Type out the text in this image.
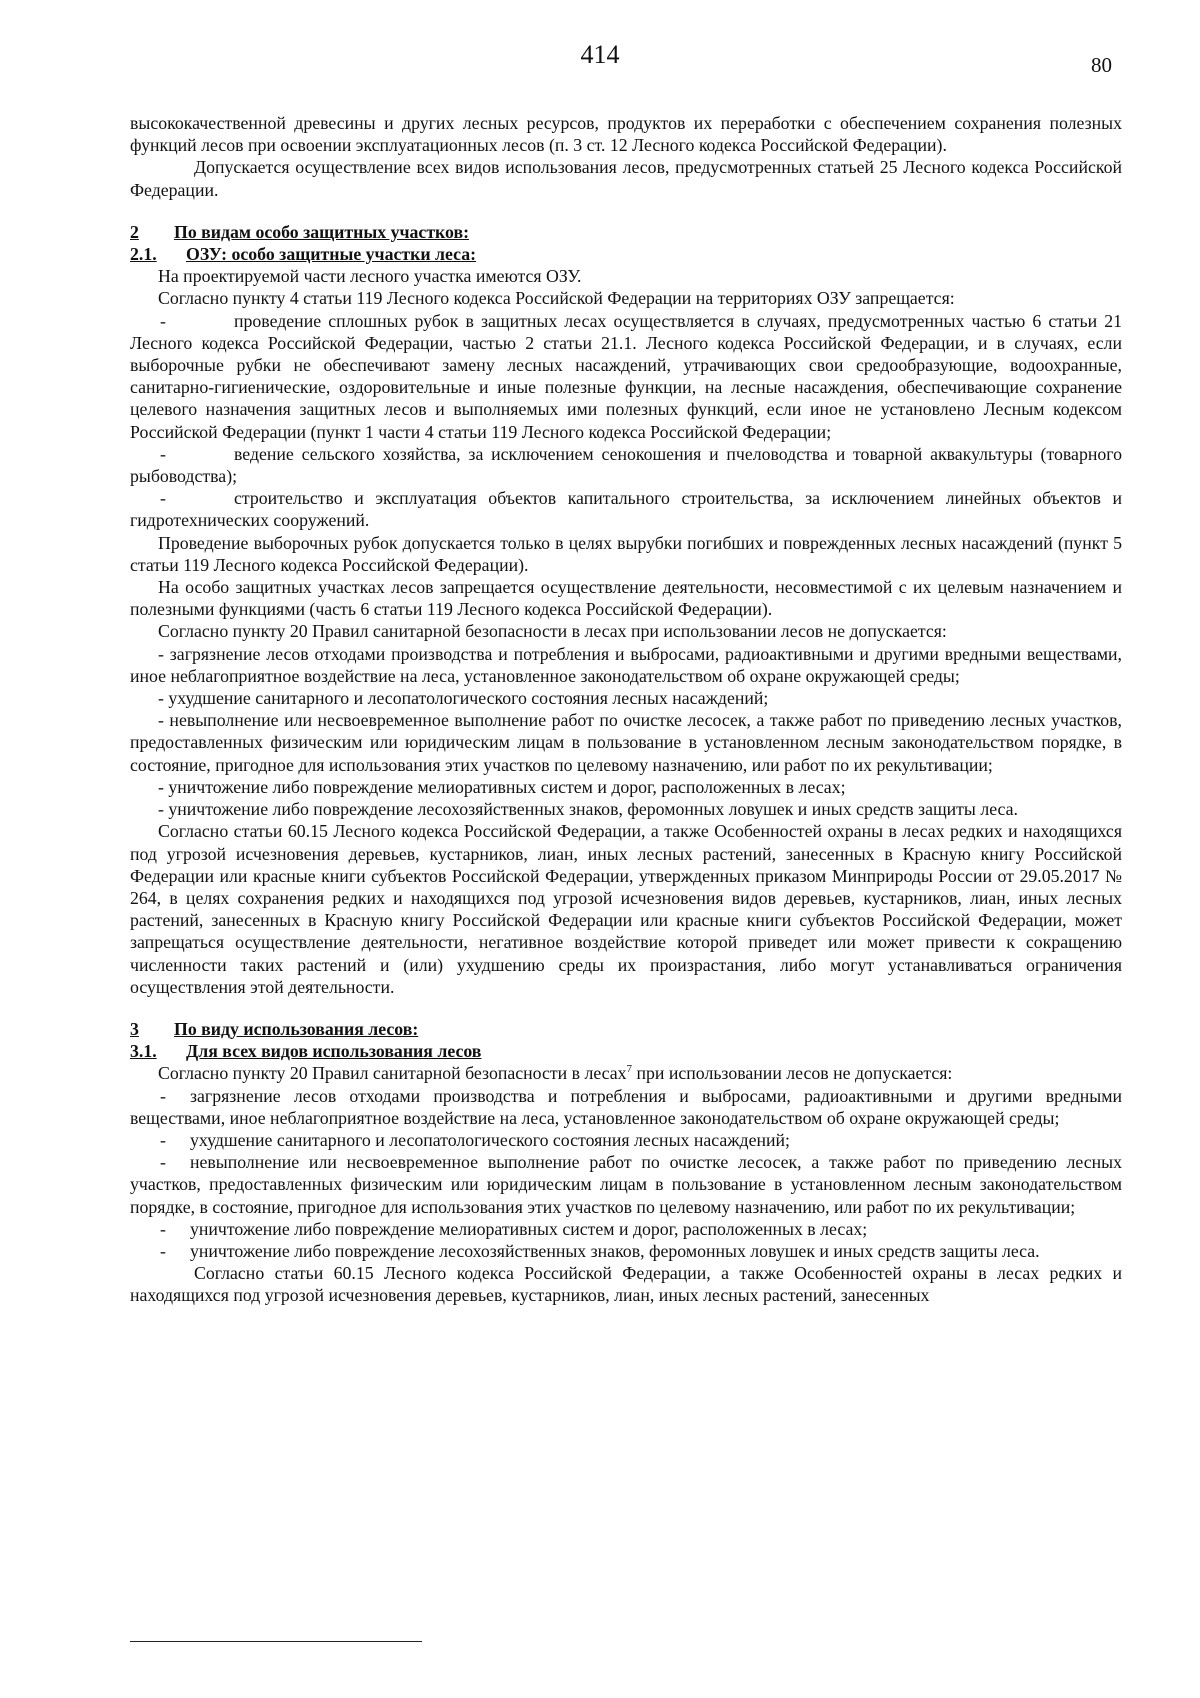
414	80

высококачественной древесины и других лесных ресурсов, продуктов их переработки с обеспечением сохранения полезных функций лесов при освоении эксплуатационных лесов (п. 3 ст. 12 Лесного кодекса Российской Федерации).

Допускается осуществление всех видов использования лесов, предусмотренных статьей 25 Лесного кодекса Российской Федерации.

2	По видам особо защитных участков:

2.1.	ОЗУ: особо защитные участки леса:

На проектируемой части лесного участка имеются ОЗУ.

Согласно пункту 4 статьи 119 Лесного кодекса Российской Федерации на территориях ОЗУ запрещается:

-	проведение сплошных рубок в защитных лесах осуществляется в случаях, предусмотренных частью 6 статьи 21 Лесного кодекса Российской Федерации, частью 2 статьи 21.1. Лесного кодекса Российской Федерации, и в случаях, если выборочные рубки не обеспечивают замену лесных насаждений, утрачивающих свои средообразующие, водоохранные, санитарно-гигиенические, оздоровительные и иные полезные функции, на лесные насаждения, обеспечивающие сохранение целевого назначения защитных лесов и выполняемых ими полезных функций, если иное не установлено Лесным кодексом Российской Федерации (пункт 1 части 4 статьи 119 Лесного кодекса Российской Федерации;

-	ведение сельского хозяйства, за исключением сенокошения и пчеловодства и товарной аквакультуры (товарного рыбоводства);

-	строительство и эксплуатация объектов капитального строительства, за исключением линейных объектов и гидротехнических сооружений.

Проведение выборочных рубок допускается только в целях вырубки погибших и поврежденных лесных насаждений (пункт 5 статьи 119 Лесного кодекса Российской Федерации).

На особо защитных участках лесов запрещается осуществление деятельности, несовместимой с их целевым назначением и полезными функциями (часть 6 статьи 119 Лесного кодекса Российской Федерации).

Согласно пункту 20 Правил санитарной безопасности в лесах при использовании лесов не допускается:

- загрязнение лесов отходами производства и потребления и выбросами, радиоактивными и другими вредными веществами, иное неблагоприятное воздействие на леса, установленное законодательством об охране окружающей среды;

- ухудшение санитарного и лесопатологического состояния лесных насаждений;

- невыполнение или несвоевременное выполнение работ по очистке лесосек, а также работ по приведению лесных участков, предоставленных физическим или юридическим лицам в пользование в установленном лесным законодательством порядке, в состояние, пригодное для использования этих участков по целевому назначению, или работ по их рекультивации;

- уничтожение либо повреждение мелиоративных систем и дорог, расположенных в лесах;

- уничтожение либо повреждение лесохозяйственных знаков, феромонных ловушек и иных средств защиты леса.

Согласно статьи 60.15 Лесного кодекса Российской Федерации, а также Особенностей охраны в лесах редких и находящихся под угрозой исчезновения деревьев, кустарников, лиан, иных лесных растений, занесенных в Красную книгу Российской Федерации или красные книги субъектов Российской Федерации, утвержденных приказом Минприроды России от 29.05.2017 № 264, в целях сохранения редких и находящихся под угрозой исчезновения видов деревьев, кустарников, лиан, иных лесных растений, занесенных в Красную книгу Российской Федерации или красные книги субъектов Российской Федерации, может запрещаться осуществление деятельности, негативное воздействие которой приведет или может привести к сокращению численности таких растений и (или) ухудшению среды их произрастания, либо могут устанавливаться ограничения осуществления этой деятельности.

3	По виду использования лесов:

3.1.	Для всех видов использования лесов

Согласно пункту 20 Правил санитарной безопасности в лесах$^7$ при использовании лесов не допускается:

- загрязнение лесов отходами производства и потребления и выбросами, радиоактивными и другими вредными веществами, иное неблагоприятное воздействие на леса, установленное законодательством об охране окружающей среды;

- ухудшение санитарного и лесопатологического состояния лесных насаждений;

- невыполнение или несвоевременное выполнение работ по очистке лесосек, а также работ по приведению лесных участков, предоставленных физическим или юридическим лицам в пользование в установленном лесным законодательством порядке, в состояние, пригодное для использования этих участков по целевому назначению, или работ по их рекультивации;

- уничтожение либо повреждение мелиоративных систем и дорог, расположенных в лесах;

- уничтожение либо повреждение лесохозяйственных знаков, феромонных ловушек и иных средств защиты леса.

Согласно статьи 60.15 Лесного кодекса Российской Федерации, а также Особенностей охраны в лесах редких и находящихся под угрозой исчезновения деревьев, кустарников, лиан, иных лесных растений, занесенных
